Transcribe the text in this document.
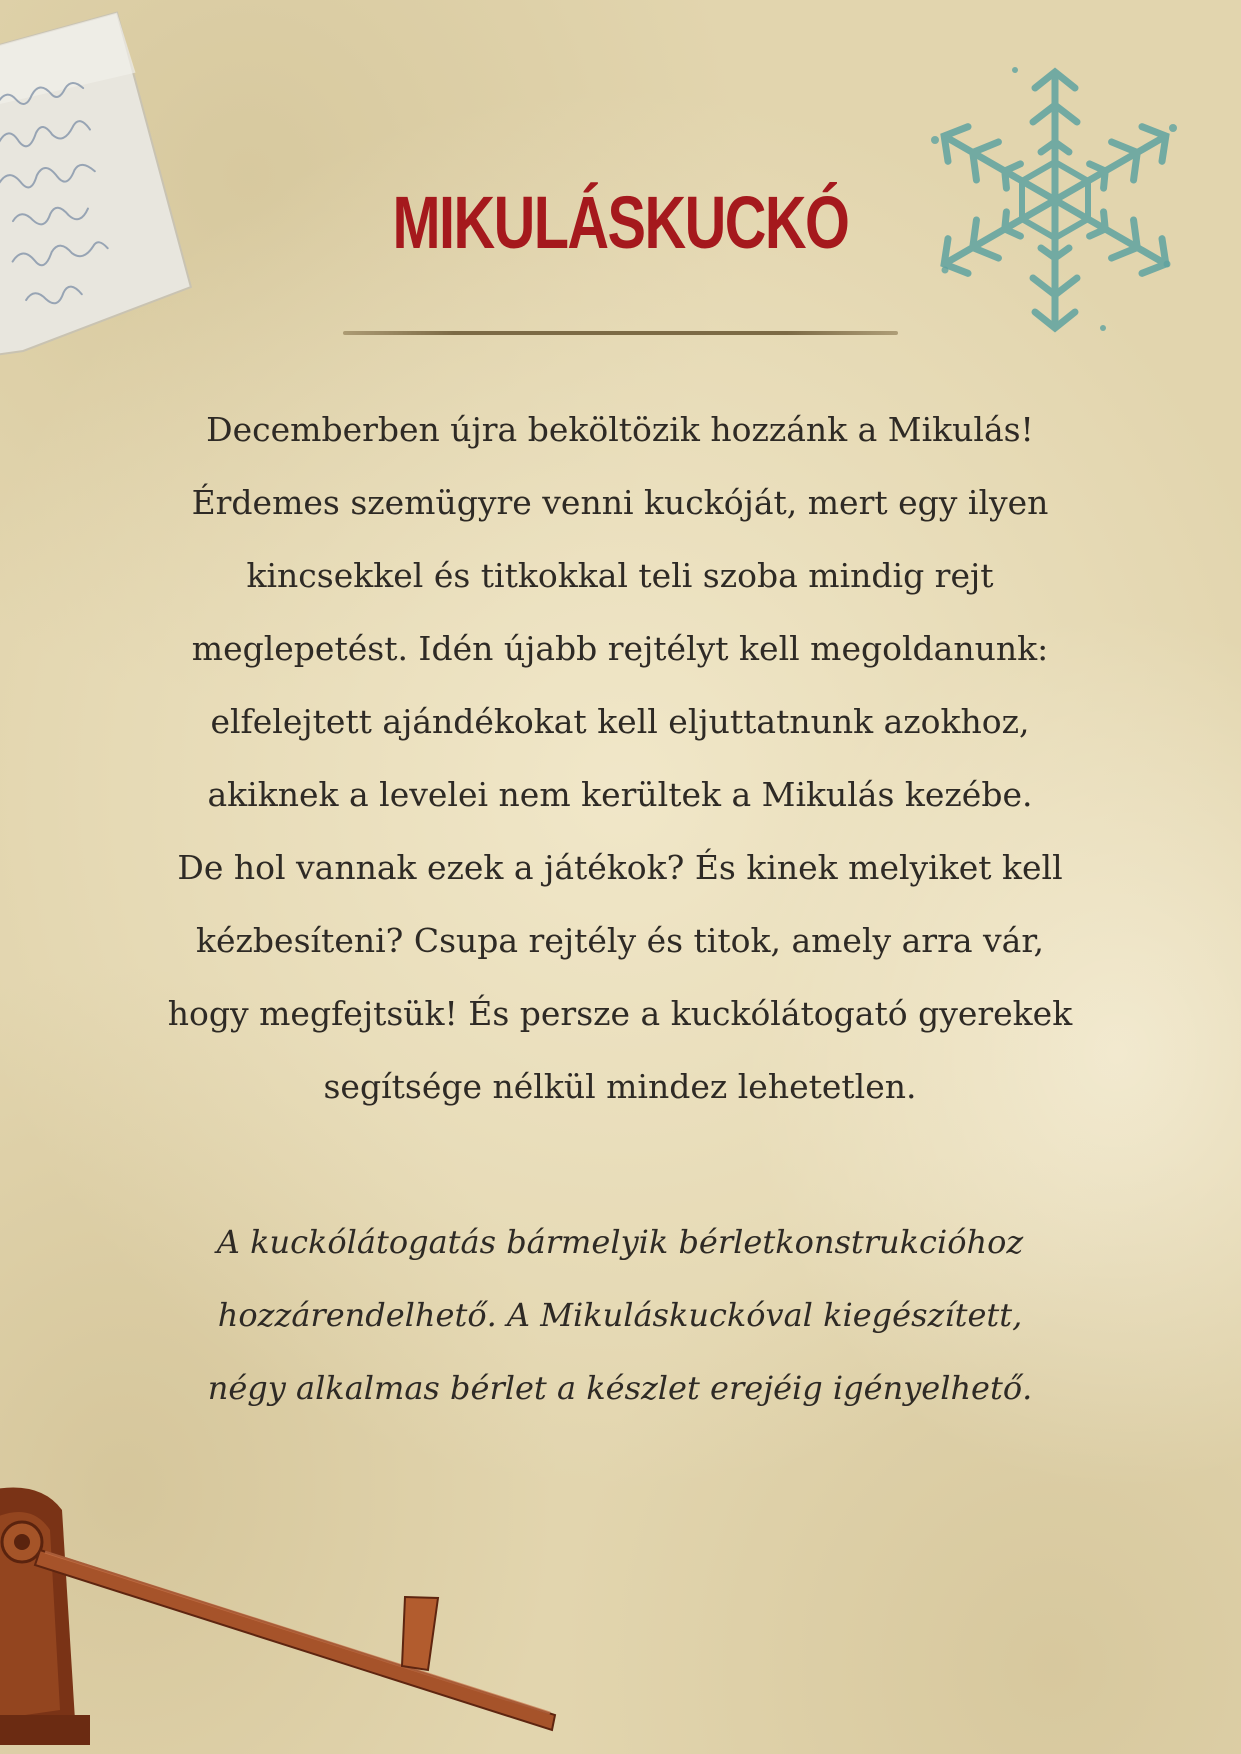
MIKULÁSKUCKÓ

Decemberben újra beköltözik hozzánk a Mikulás!
Érdemes szemügyre venni kuckóját, mert egy ilyen
kincsekkel és titkokkal teli szoba mindig rejt
meglepetést. Idén újabb rejtélyt kell megoldanunk:
elfelejtett ajándékokat kell eljuttatnunk azokhoz,
akiknek a levelei nem kerültek a Mikulás kezébe.
De hol vannak ezek a játékok? És kinek melyiket kell
kézbesíteni? Csupa rejtély és titok, amely arra vár,
hogy megfejtsük! És persze a kuckólátogató gyerekek
segítsége nélkül mindez lehetetlen.

A kuckólátogatás bármelyik bérletkonstrukcióhoz
hozzárendelhető. A Mikuláskuckóval kiegészített,
négy alkalmas bérlet a készlet erejéig igényelhető.
